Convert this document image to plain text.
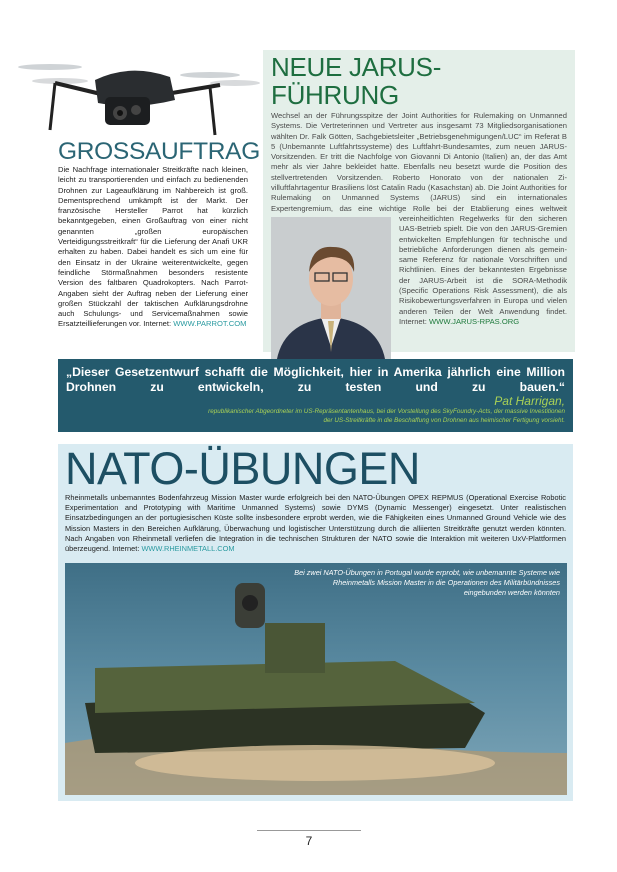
GROSSAUFTRAG

Die Nachfrage internationaler Streitkräfte nach kleinen, leicht zu transportierenden und einfach zu bedienenden Drohnen zur Lageaufklärung im Nahbereich ist groß. Dementsprechend umkämpft ist der Markt. Der französische Hersteller Parrot hat kürzlich bekanntgegeben, einen Großauftrag von einer nicht genannten „großen europäischen Verteidigungsstreitkraft“ für die Lieferung der Anafi UKR erhalten zu haben. Dabei handelt es sich um eine für den Einsatz in der Ukraine weiterentwickelte, gegen feindliche Störmaßnahmen besonders resistente Version des faltbaren Quadrokopters. Nach Parrot-Angaben sieht der Auftrag neben der Lieferung einer großen Stückzahl der taktischen Aufklärungsdrohne auch Schulungs- und Servicemaßnahmen sowie Ersatzteillieferungen vor. Internet: WWW.PARROT.COM

NEUE JARUS-FÜHRUNG

Wechsel an der Führungsspitze der Joint Authorities for Rulemaking on Unmanned Systems. Die Vertreterinnen und Vertreter aus insgesamt 73 Mitgliedsorganisationen wählten Dr. Falk Götten, Sachgebietsleiter „Betriebsgenehmigungen/LUC“ im Referat B 5 (Unbemannte Luftfahrtssysteme) des Luftfahrt-Bundesamtes, zum neuen JARUS-Vorsitzenden. Er tritt die Nachfolge von Giovanni Di Antonio (Italien) an, der das Amt mehr als vier Jahre bekleidet hatte. Ebenfalls neu besetzt wurde die Position des stellvertretenden Vorsitzenden. Roberto Honorato von der nationalen Zivilluftfahrtagentur Brasiliens löst Catalin Radu (Kasachstan) ab. Die Joint Authorities for Rulemaking on Unmanned Systems (JARUS) sind ein internationales Expertengremium, das eine wichtige Rolle bei der Etablierung eines weltweit vereinheitlichten Regelwerks für den sicheren UAS-Betrieb spielt. Die von den JARUS-Gremien entwickelten Empfehlungen für technische und betriebliche Anforderungen dienen als gemeinsame Referenz für nationale Vorschriften und Richtlinien. Eines der bekanntesten Ergebnisse der JARUS-Arbeit ist die SORA-Methodik (Specific Operations Risk Assessment), die als Risikobewertungsverfahren in Europa und vielen anderen Teilen der Welt Anwendung findet. Internet: WWW.JARUS-RPAS.ORG

„Dieser Gesetzentwurf schafft die Möglichkeit, hier in Amerika jährlich eine Million Drohnen zu entwickeln, zu testen und zu bauen.“
Pat Harrigan,
republikanischer Abgeordneter im US-Repräsentantenhaus, bei der Vorstellung des SkyFoundry-Acts, der massive Investitionen
der US-Streitkräfte in die Beschaffung von Drohnen aus heimischer Fertigung vorsieht.
NATO-ÜBUNGEN

Rheinmetalls unbemanntes Bodenfahrzeug Mission Master wurde erfolgreich bei den NATO-Übungen OPEX REPMUS (Operational Exercise Robotic Experimentation and Prototyping with Maritime Unmanned Systems) sowie DYMS (Dynamic Messenger) eingesetzt. Unter realistischen Einsatzbedingungen an der portugiesischen Küste sollte insbesondere erprobt werden, wie die Fähigkeiten eines Unmanned Ground Vehicle wie des Mission Masters in den Bereichen Aufklärung, Überwachung und logistischer Unterstützung durch die alliierten Streitkräfte genutzt werden könnten. Nach Angaben von Rheinmetall verliefen die Integration in die technischen Strukturen der NATO sowie die Interaktion mit weiteren UxV-Plattformen überzeugend. Internet: WWW.RHEINMETALL.COM

Bei zwei NATO-Übungen in Portugal wurde erprobt, wie unbemannte Systeme wie Rheinmetalls Mission Master in die Operationen des Militärbündnisses eingebunden werden könnten
7
